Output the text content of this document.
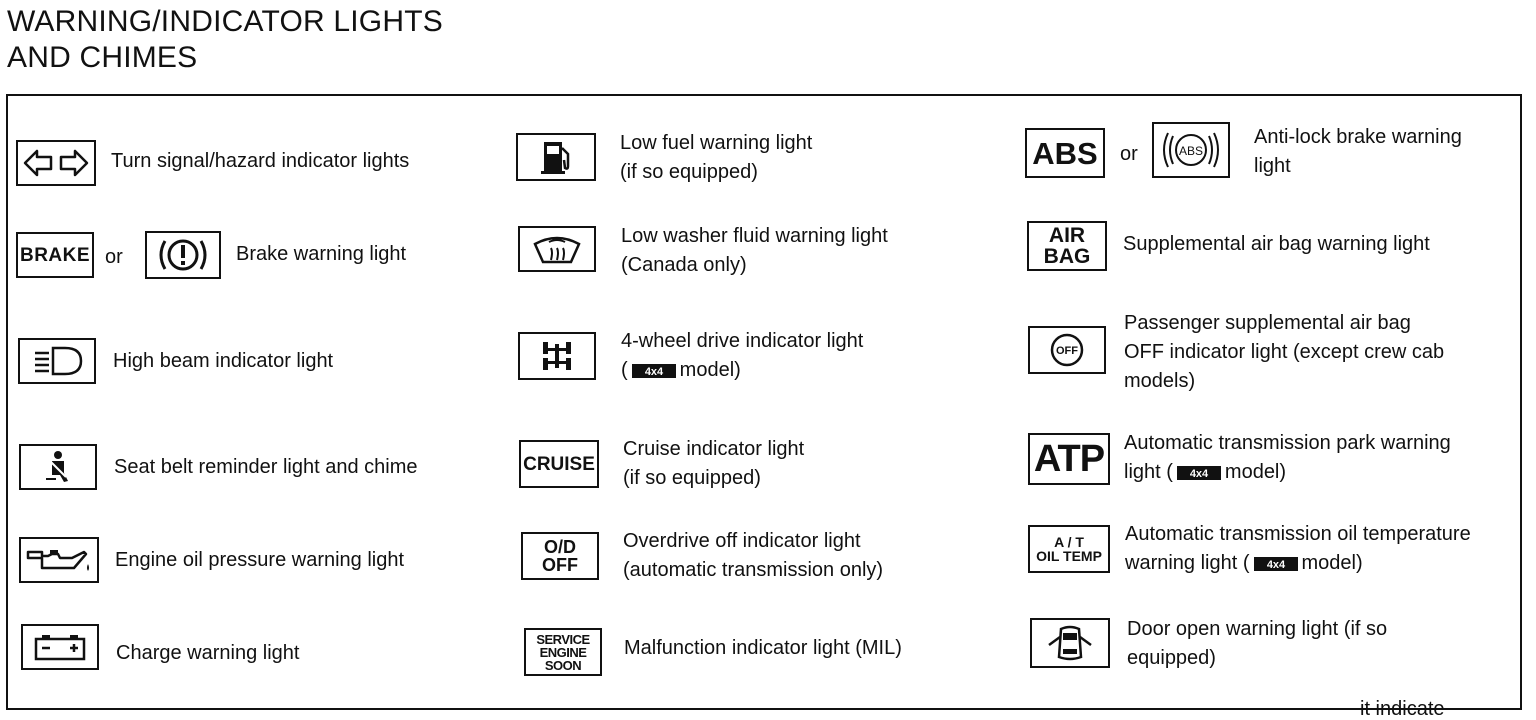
WARNING/INDICATOR LIGHTS
AND CHIMES
Turn signal/hazard indicator lights
BRAKE or	Brake warning light
High beam indicator light
Seat belt reminder light and chime
Engine oil pressure warning light
Charge warning light
Low fuel warning light
(if so equipped)
Low washer fluid warning light
(Canada only)
4-wheel drive indicator light
( 4x4 model)
CRUISE
Cruise indicator light
(if so equipped)
O/D
OFF
Overdrive off indicator light
(automatic transmission only)
SERVICE
ENGINE
SOON
Malfunction indicator light (MIL)
ABS or	ABS
Anti-lock brake warning
light
AIR
BAG
Supplemental air bag warning light
OFF
Passenger supplemental air bag
OFF indicator light (except crew cab
models)
ATP Automatic transmission park warning
light ( 4x4 model)
A / T
OIL TEMP
Automatic transmission oil temperature
warning light ( 4x4 model)
Door open warning light (if so
equipped)
it indicate
